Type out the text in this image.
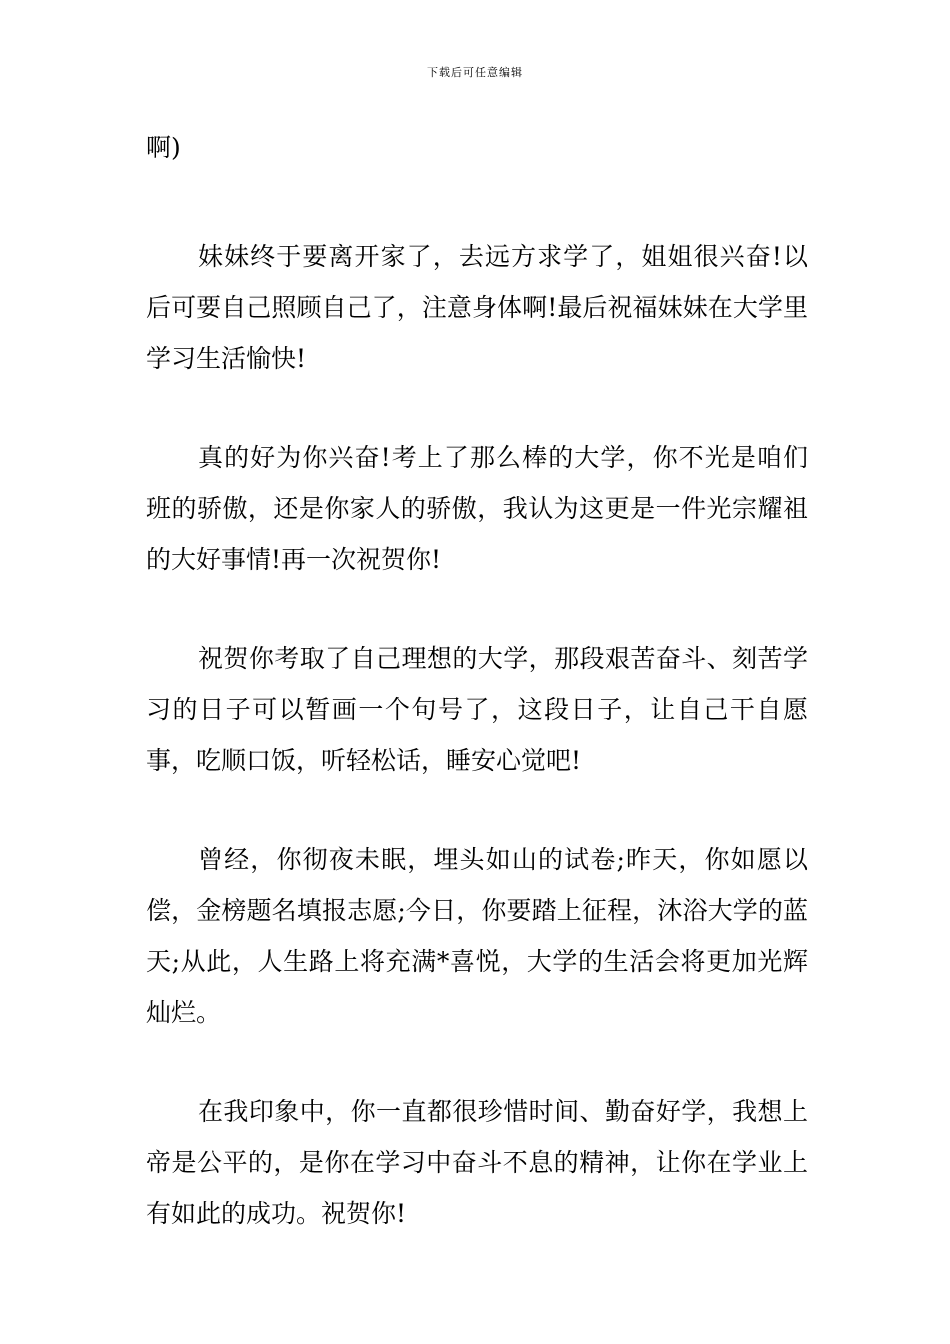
下载后可任意编辑

啊)

妹妹终于要离开家了，去远方求学了，姐姐很兴奋!以后可要自己照顾自己了，注意身体啊!最后祝福妹妹在大学里学习生活愉快!

真的好为你兴奋!考上了那么棒的大学，你不光是咱们班的骄傲，还是你家人的骄傲，我认为这更是一件光宗耀祖的大好事情!再一次祝贺你!

祝贺你考取了自己理想的大学，那段艰苦奋斗、刻苦学习的日子可以暂画一个句号了，这段日子，让自己干自愿事，吃顺口饭，听轻松话，睡安心觉吧!

曾经，你彻夜未眠，埋头如山的试卷;昨天，你如愿以偿，金榜题名填报志愿;今日，你要踏上征程，沐浴大学的蓝天;从此，人生路上将充满*喜悦，大学的生活会将更加光辉灿烂。

在我印象中，你一直都很珍惜时间、勤奋好学，我想上帝是公平的，是你在学习中奋斗不息的精神，让你在学业上有如此的成功。祝贺你!
